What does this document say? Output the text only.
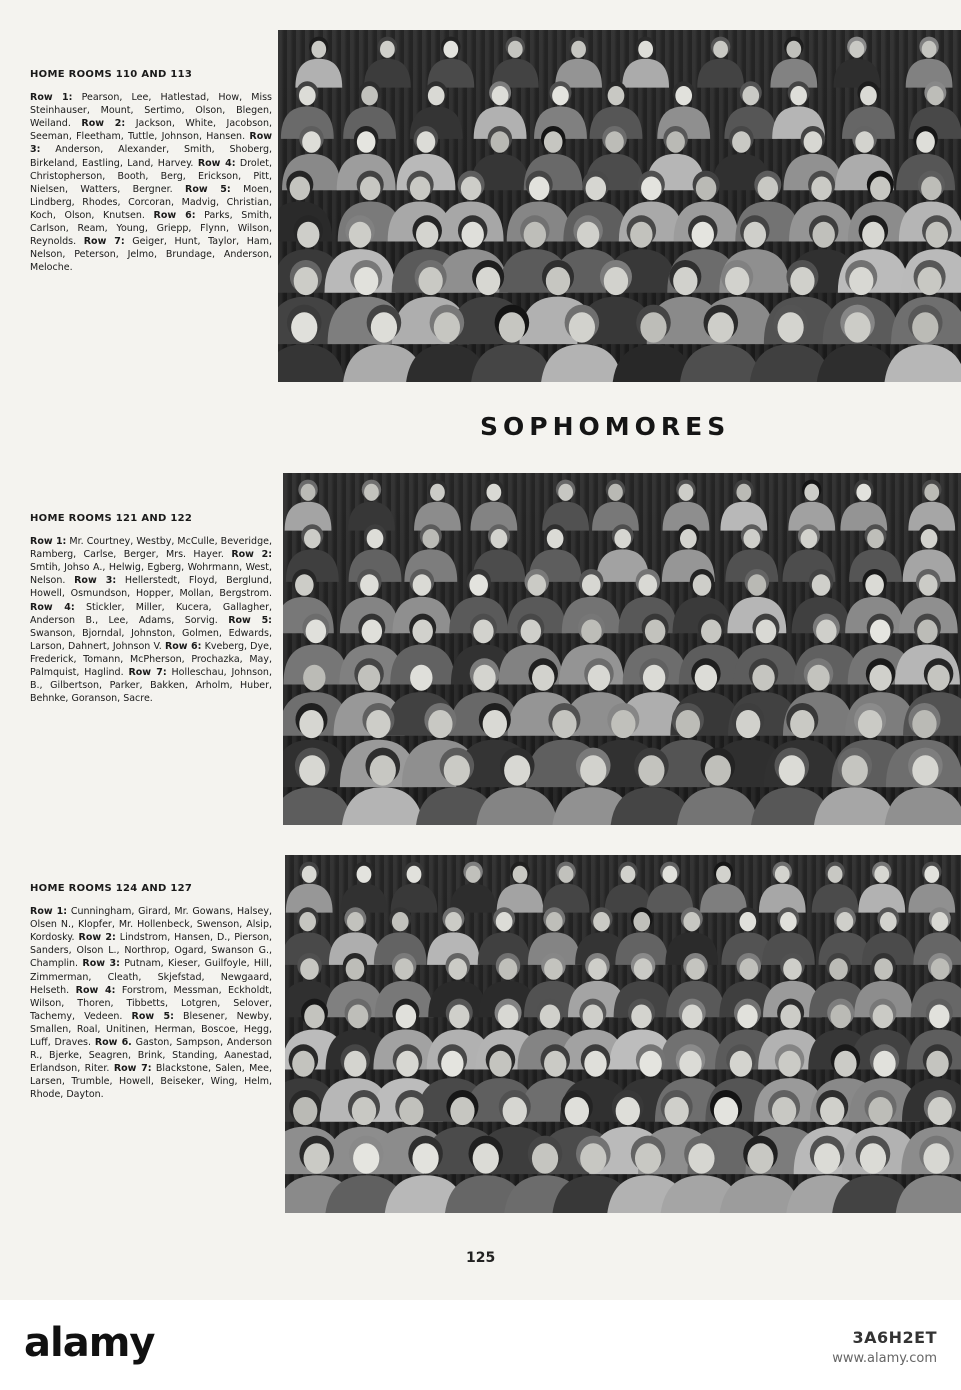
HOME ROOMS 110 AND 113

Row 1: Pearson, Lee, Hatlestad, How, Miss Steinhauser, Mount, Sertimo, Olson, Blegen, Weiland. Row 2: Jackson, White, Jacobson, Seeman, Fleetham, Tuttle, Johnson, Hansen. Row 3: Anderson, Alexander, Smith, Shoberg, Birkeland, Eastling, Land, Harvey. Row 4: Drolet, Christopherson, Booth, Berg, Erickson, Pitt, Nielsen, Watters, Bergner. Row 5: Moen, Lindberg, Rhodes, Corcoran, Madvig, Christian, Koch, Olson, Knutsen. Row 6: Parks, Smith, Carlson, Ream, Young, Griepp, Flynn, Wilson, Reynolds. Row 7: Geiger, Hunt, Taylor, Ham, Nelson, Peterson, Jelmo, Brundage, Anderson, Meloche.

SOPHOMORES
HOME ROOMS 121 AND 122

Row 1: Mr. Courtney, Westby, McCulle, Beveridge, Ramberg, Carlse, Berger, Mrs. Hayer. Row 2: Smtih, Johso A., Helwig, Egberg, Wohrmann, West, Nelson. Row 3: Hellerstedt, Floyd, Berglund, Howell, Osmundson, Hopper, Mollan, Bergstrom. Row 4: Stickler, Miller, Kucera, Gallagher, Anderson B., Lee, Adams, Sorvig. Row 5: Swanson, Bjorndal, Johnston, Golmen, Edwards, Larson, Dahnert, Johnson V. Row 6: Kveberg, Dye, Frederick, Tomann, McPherson, Prochazka, May, Palmquist, Haglind. Row 7: Holleschau, Johnson, B., Gilbertson, Parker, Bakken, Arholm, Huber, Behnke, Goranson, Sacre.

HOME ROOMS 124 AND 127

Row 1: Cunningham, Girard, Mr. Gowans, Halsey, Olsen N., Klopfer, Mr. Hollenbeck, Swenson, Alsip, Kordosky. Row 2: Lindstrom, Hansen, D., Pierson, Sanders, Olson L., Northrop, Ogard, Swanson G., Champlin. Row 3: Putnam, Kieser, Guilfoyle, Hill, Zimmerman, Cleath, Skjefstad, Newgaard, Helseth. Row 4: Forstrom, Messman, Eckholdt, Wilson, Thoren, Tibbetts, Lotgren, Selover, Tachemy, Vedeen. Row 5: Blesener, Newby, Smallen, Roal, Unitinen, Herman, Boscoe, Hegg, Luff, Draves. Row 6. Gaston, Sampson, Anderson R., Bjerke, Seagren, Brink, Standing, Aanestad, Erlandson, Riter. Row 7: Blackstone, Salen, Mee, Larsen, Trumble, Howell, Beiseker, Wing, Helm, Rhode, Dayton.

125
alamy	3A6H2ET
www.alamy.com
